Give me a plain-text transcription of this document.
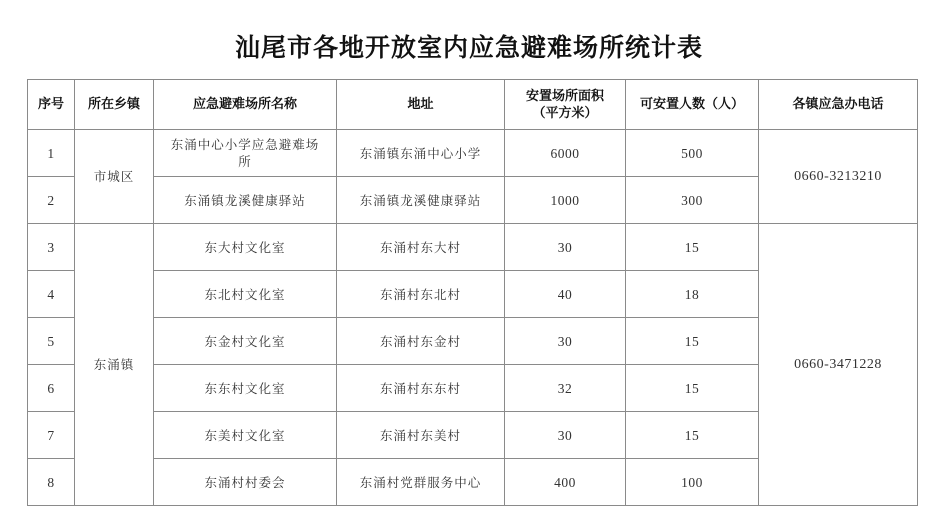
汕尾市各地开放室内应急避难场所统计表
序号	所在乡镇	应急避难场所名称	地址	安置场所面积（平方米）	可安置人数（人）	各镇应急办电话
1	市城区	东涌中心小学应急避难场所	东涌镇东涌中心小学	6000	500	0660-3213210
2		东涌镇龙溪健康驿站	东涌镇龙溪健康驿站	1000	300	
3	东涌镇	东大村文化室	东涌村东大村	30	15	0660-3471228
4		东北村文化室	东涌村东北村	40	18	
5		东金村文化室	东涌村东金村	30	15	
6		东东村文化室	东涌村东东村	32	15	
7		东美村文化室	东涌村东美村	30	15	
8		东涌村村委会	东涌村党群服务中心	400	100	
